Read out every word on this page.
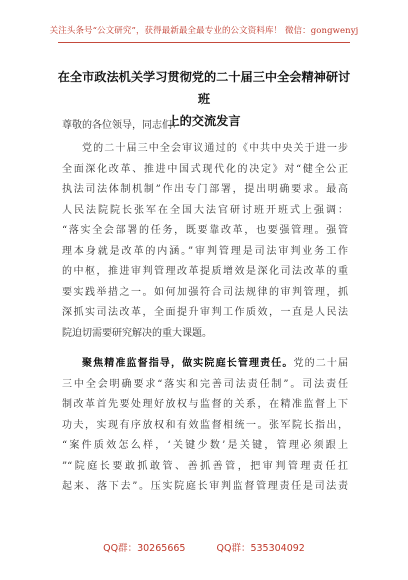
关注头条号“公文研究”，获得最新最全最专业的公文资料库！ 微信：gongwenyj
在全市政法机关学习贯彻党的二十届三中全会精神研讨班
上的交流发言
尊敬的各位领导，同志们：
党的二十届三中全会审议通过的《中共中央关于进一步
全面深化改革、推进中国式现代化的决定》对“健全公正
执法司法体制机制”作出专门部署，提出明确要求。最高
人民法院院长张军在全国大法官研讨班开班式上强调：
“落实全会部署的任务，既要靠改革，也要强管理。强管
理本身就是改革的内涵。”审判管理是司法审判业务工作
的中枢，推进审判管理改革提质增效是深化司法改革的重
要实践举措之一。如何加强符合司法规律的审判管理，抓
深抓实司法改革，全面提升审判工作质效，一直是人民法
院迫切需要研究解决的重大课题。
聚焦精准监督指导，做实院庭长管理责任。党的二十届
三中全会明确要求“落实和完善司法责任制”。司法责任
制改革首先要处理好放权与监督的关系，在精准监督上下
功夫，实现有序放权和有效监督相统一。张军院长指出，
“案件质效怎么样，‘关键少数’是关键，管理必须跟上
”“院庭长要敢抓敢管、善抓善管，把审判管理责任扛
起来、落下去”。压实院庭长审判监督管理责任是司法责
QQ群：30265665	QQ群：535304092
